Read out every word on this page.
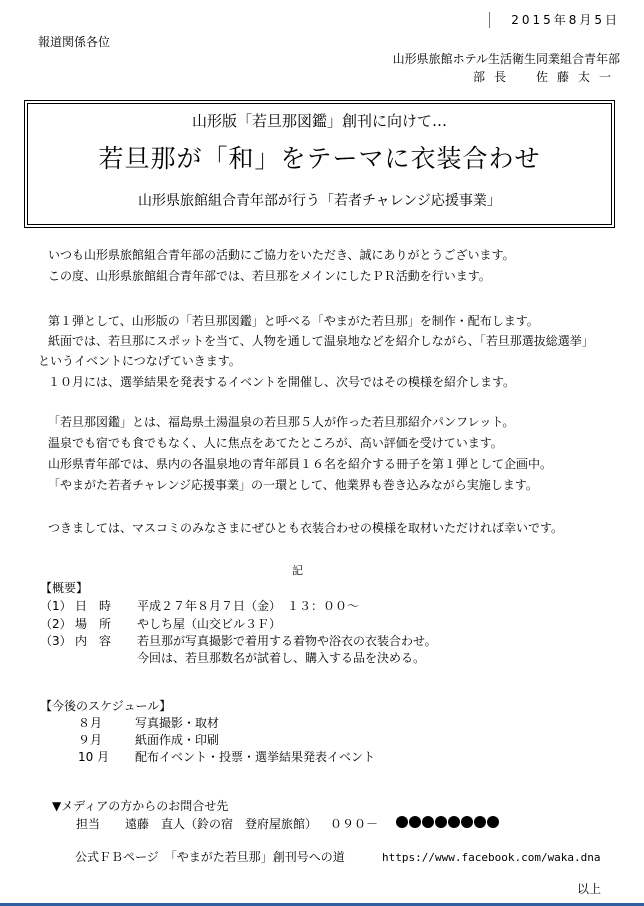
2015年8月5日
報道関係各位
山形県旅館ホテル生活衛生同業組合青年部
部長　佐藤太一
山形版「若旦那図鑑」創刊に向けて…
若旦那が「和」をテーマに衣装合わせ
山形県旅館組合青年部が行う「若者チャレンジ応援事業」
いつも山形県旅館組合青年部の活動にご協力をいただき、誠にありがとうございます。
この度、山形県旅館組合青年部では、若旦那をメインにしたＰＲ活動を行います。
第１弾として、山形版の「若旦那図鑑」と呼べる「やまがた若旦那」を制作・配布します。
紙面では、若旦那にスポットを当て、人物を通して温泉地などを紹介しながら、「若旦那選抜総選挙」
というイベントにつなげていきます。
１０月には、選挙結果を発表するイベントを開催し、次号ではその模様を紹介します。
「若旦那図鑑」とは、福島県土湯温泉の若旦那５人が作った若旦那紹介パンフレット。
温泉でも宿でも食でもなく、人に焦点をあてたところが、高い評価を受けています。
山形県青年部では、県内の各温泉地の青年部員１６名を紹介する冊子を第１弾として企画中。
「やまがた若者チャレンジ応援事業」の一環として、他業界も巻き込みながら実施します。
つきましては、マスコミのみなさまにぜひとも衣装合わせの模様を取材いただければ幸いです。
記
【概要】
（1） 日　時 平成２７年８月７日（金）　１３：００～
（2） 場　所 やしち屋（山交ビル３Ｆ）
（3） 内　容 若旦那が写真撮影で着用する着物や浴衣の衣装合わせ。
今回は、若旦那数名が試着し、購入する品を決める。
【今後のスケジュール】
８月	写真撮影・取材
９月	紙面作成・印刷
10 月 配布イベント・投票・選挙結果発表イベント
▼メディアの方からのお問合せ先
担当 遠藤　直人（鈴の宿　登府屋旅館） ０９０－
公式ＦＢページ　「やまがた若旦那」創刊号への道	https://www.facebook.com/waka.dna
以上
